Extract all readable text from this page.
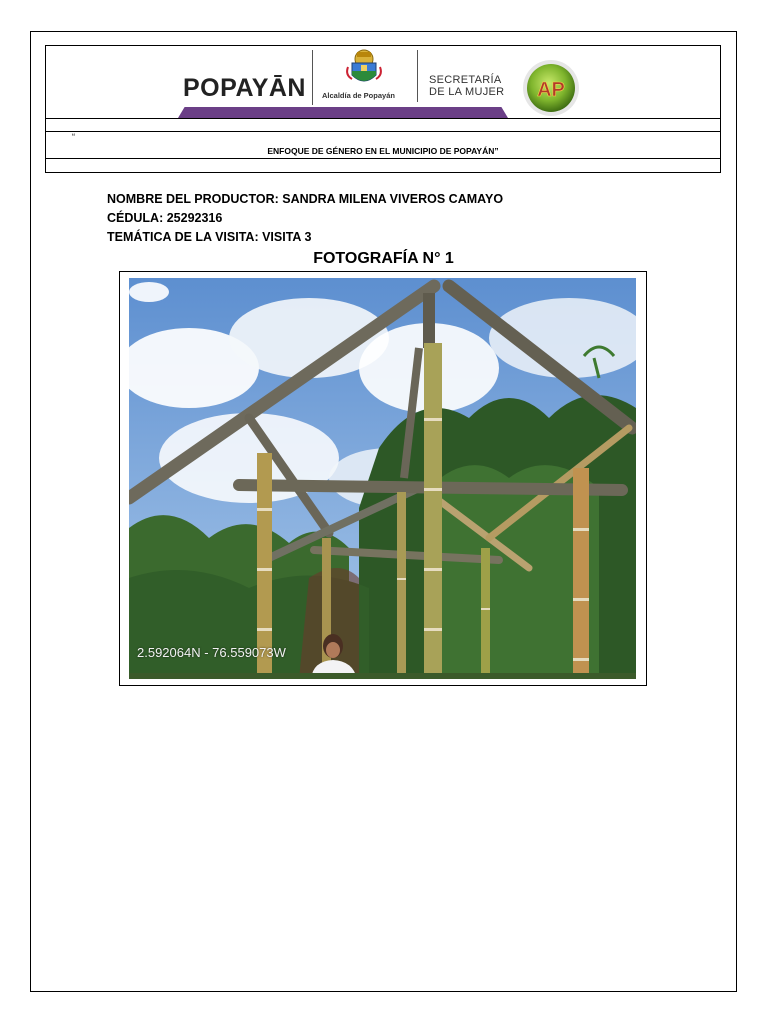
POPAYĀN Alcaldía de Popayán
SECRETARÍA
DE LA MUJER AP
“
ENFOQUE DE GÉNERO EN EL MUNICIPIO DE POPAYÁN”
NOMBRE DEL PRODUCTOR: SANDRA MILENA VIVEROS CAMAYO
CÉDULA: 25292316
TEMÁTICA DE LA VISITA: VISITA 3
FOTOGRAFÍA N° 1
2.592064N - 76.559073W
